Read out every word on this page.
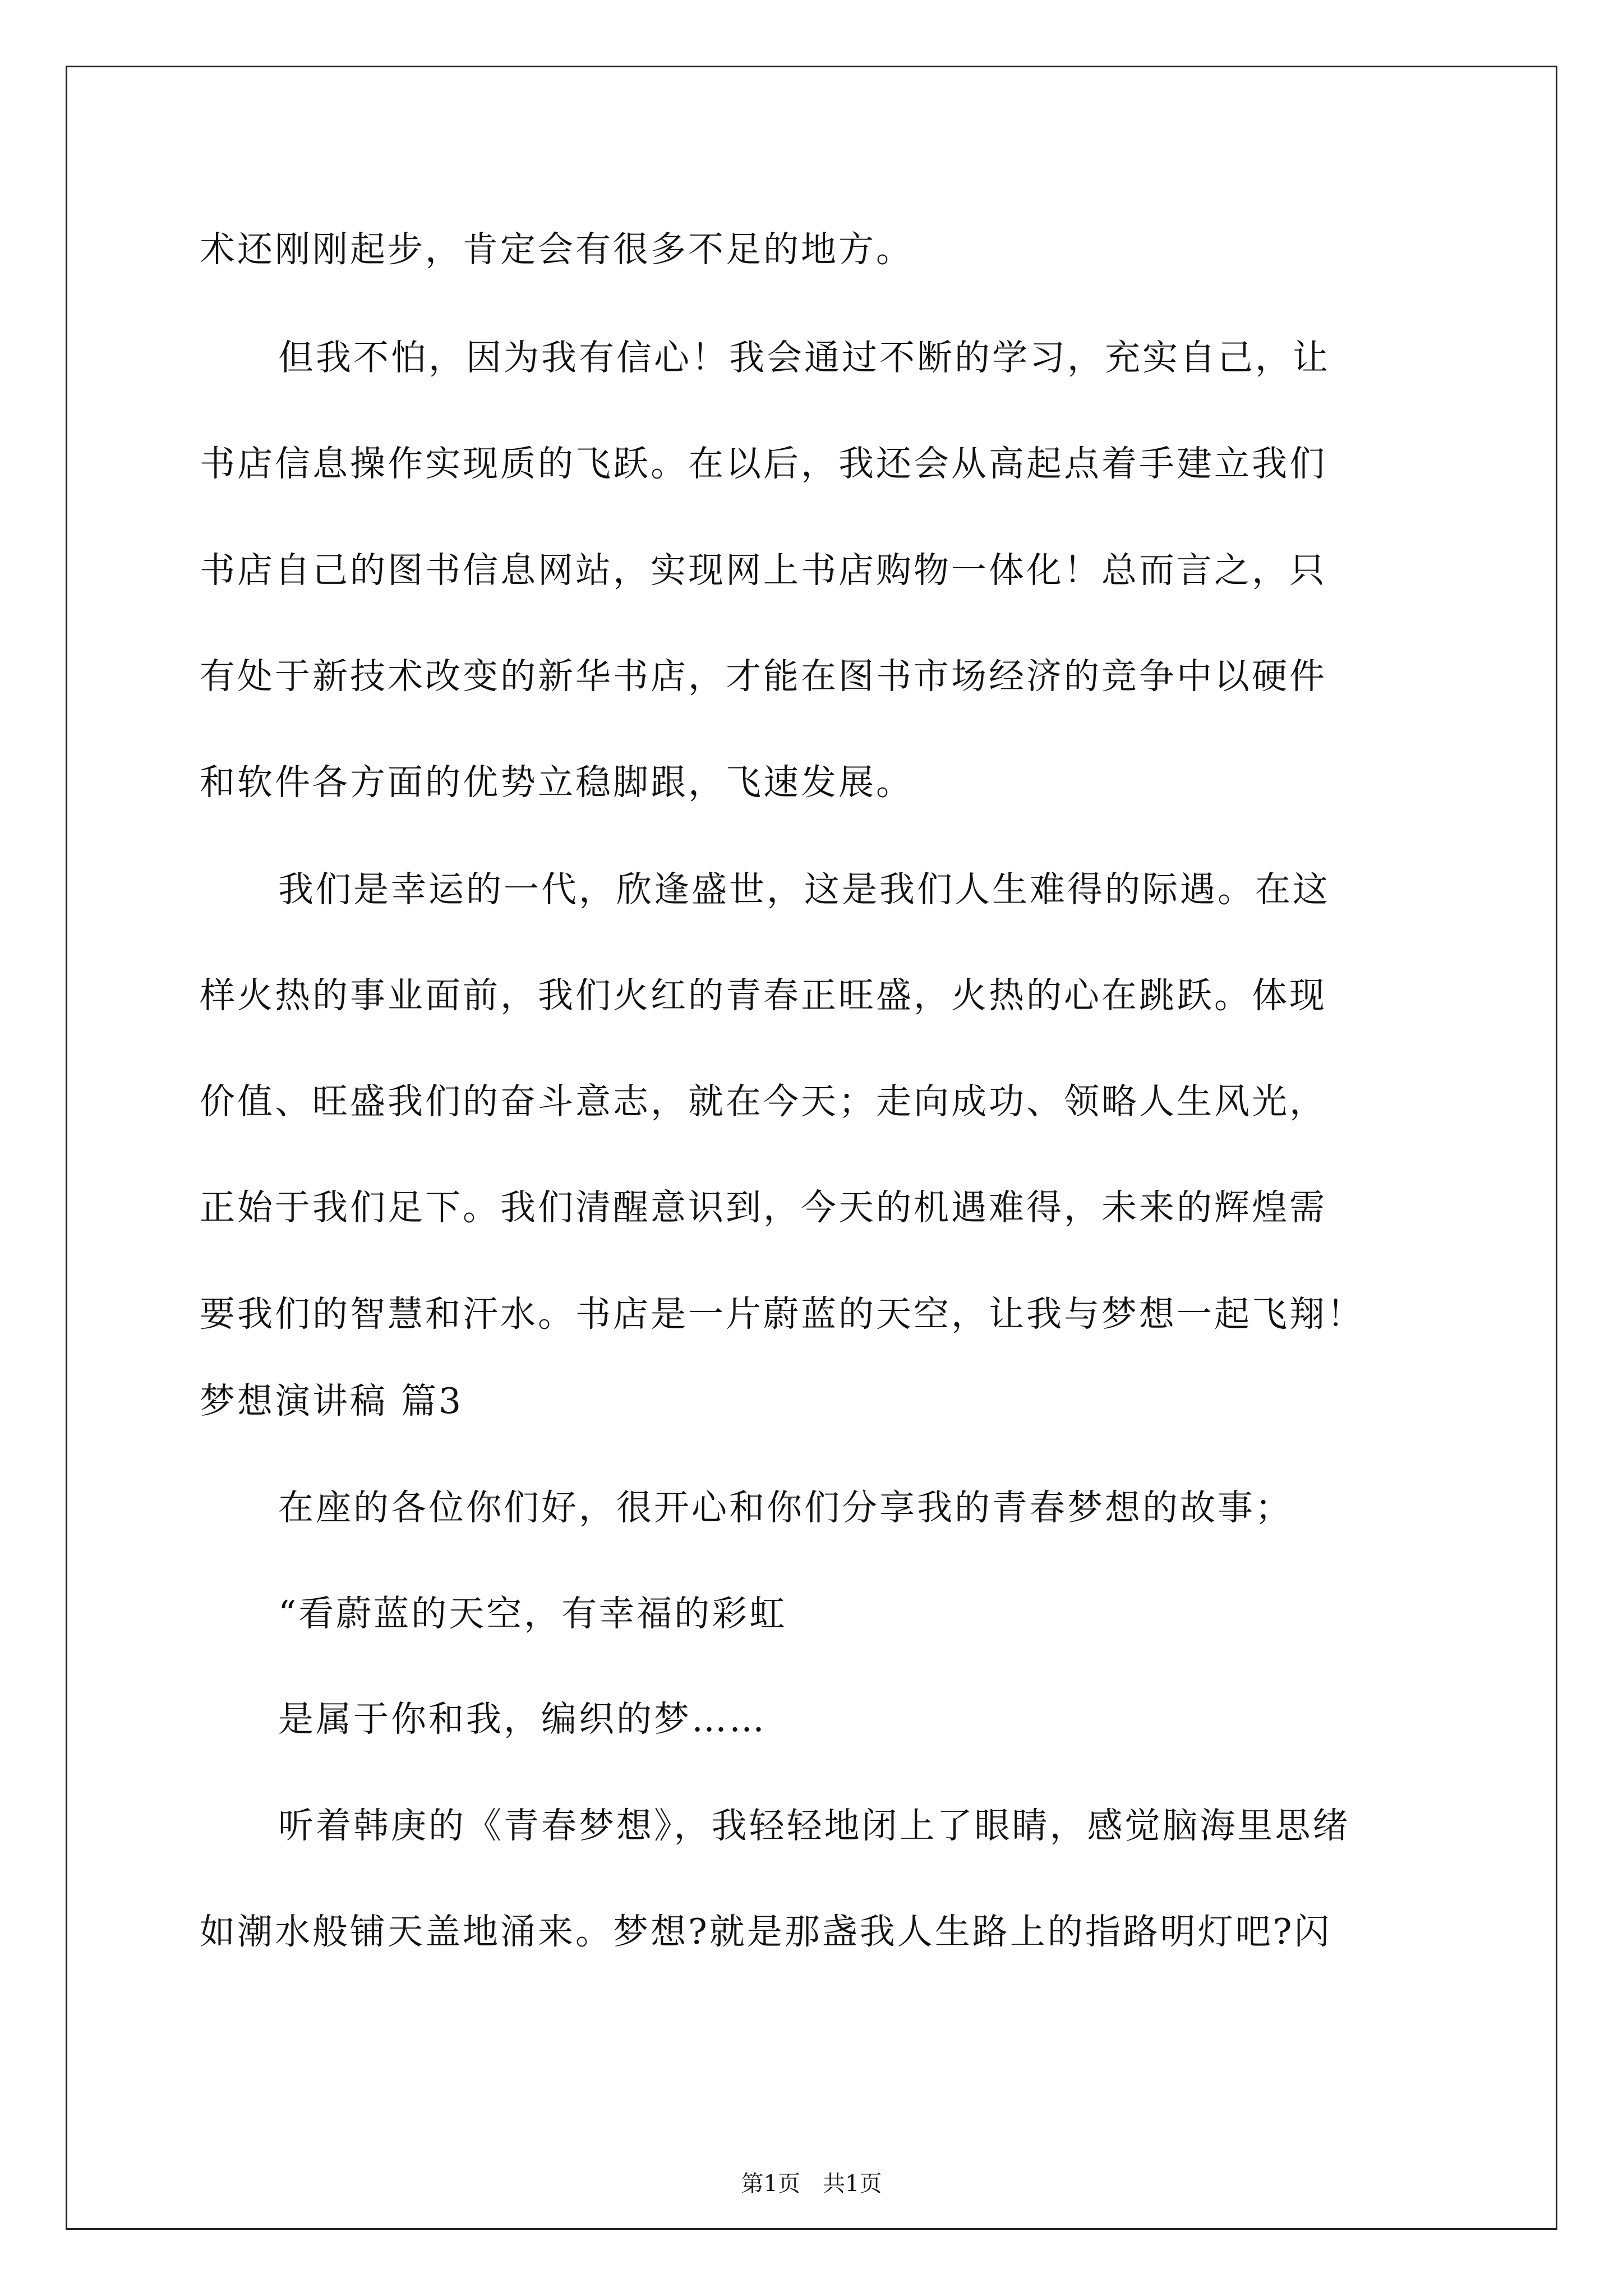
术还刚刚起步，肯定会有很多不足的地方。
但我不怕，因为我有信心！我会通过不断的学习，充实自己，让
书店信息操作实现质的飞跃。在以后，我还会从高起点着手建立我们
书店自己的图书信息网站，实现网上书店购物一体化！总而言之，只
有处于新技术改变的新华书店，才能在图书市场经济的竞争中以硬件
和软件各方面的优势立稳脚跟，飞速发展。
我们是幸运的一代，欣逢盛世，这是我们人生难得的际遇。在这
样火热的事业面前，我们火红的青春正旺盛，火热的心在跳跃。体现
价值、旺盛我们的奋斗意志，就在今天；走向成功、领略人生风光，
正始于我们足下。我们清醒意识到，今天的机遇难得，未来的辉煌需
要我们的智慧和汗水。书店是一片蔚蓝的天空，让我与梦想一起飞翔！
梦想演讲稿 篇3
在座的各位你们好，很开心和你们分享我的青春梦想的故事；
“看蔚蓝的天空，有幸福的彩虹
是属于你和我，编织的梦……
听着韩庚的《青春梦想》，我轻轻地闭上了眼睛，感觉脑海里思绪
如潮水般铺天盖地涌来。梦想?就是那盏我人生路上的指路明灯吧?闪
第1页　共1页
